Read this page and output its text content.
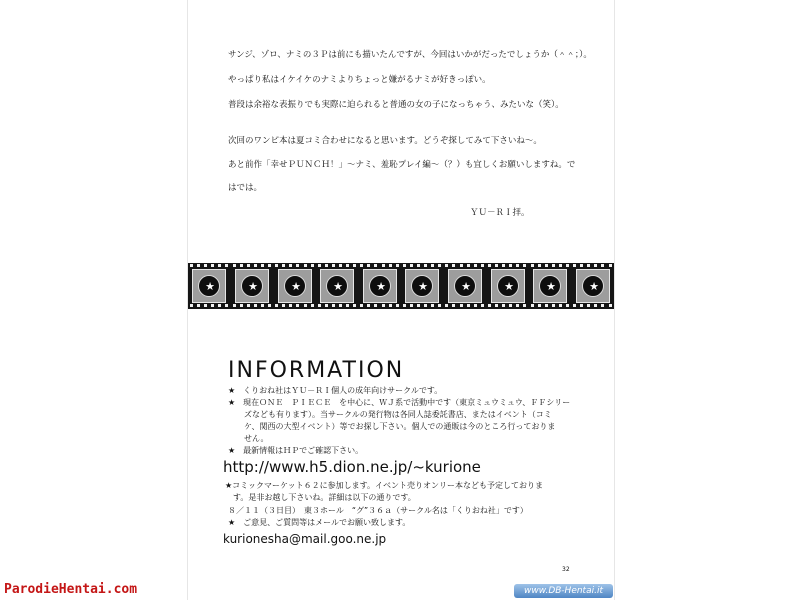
サンジ、ゾロ、ナミの３Ｐは前にも描いたんですが、今回はいかがだったでしょうか（＾＾；）。
やっぱり私はイケイケのナミよりちょっと嫌がるナミが好きっぽい。
普段は余裕な表振りでも実際に迫られると普通の女の子になっちゃう、みたいな（笑）。
次回のワンピ本は夏コミ合わせになると思います。どうぞ探してみて下さいね～。
あと前作「幸せＰＵＮＣＨ！」～ナミ、羞恥プレイ編～（？）も宜しくお願いしますね。で
はでは。
ＹＵ－ＲＩ拝。
★	★	★	★	★	★	★	★	★	★
INFORMATION
★　くりおね社はＹＵ－ＲＩ個人の成年向けサークルです。
★　現在ＯＮＥ　ＰＩＥＣＥ　を中心に、ＷＪ系で活動中です（東京ミュウミュウ、ＦＦシリー
　　ズなども有ります）。当サークルの発行物は各同人誌委託書店、またはイベント（コミ
　　ケ、関西の大型イベント）等でお探し下さい。個人での通販は今のところ行っておりま
　　せん。
★　最新情報はＨＰでご確認下さい。
http://www.h5.dion.ne.jp/~kurione
★コミックマーケット６２に参加します。イベント売りオンリー本なども予定しておりま
　す。是非お越し下さいね。詳細は以下の通りです。
８／１１（３日目）　東３ホール　“グ”３６ａ（サークル名は「くりおね社」です）
★　ご意見、ご質問等はメールでお願い致します。
kurionesha@mail.goo.ne.jp
32
ParodieHentai.com	www.DB-Hentai.it
